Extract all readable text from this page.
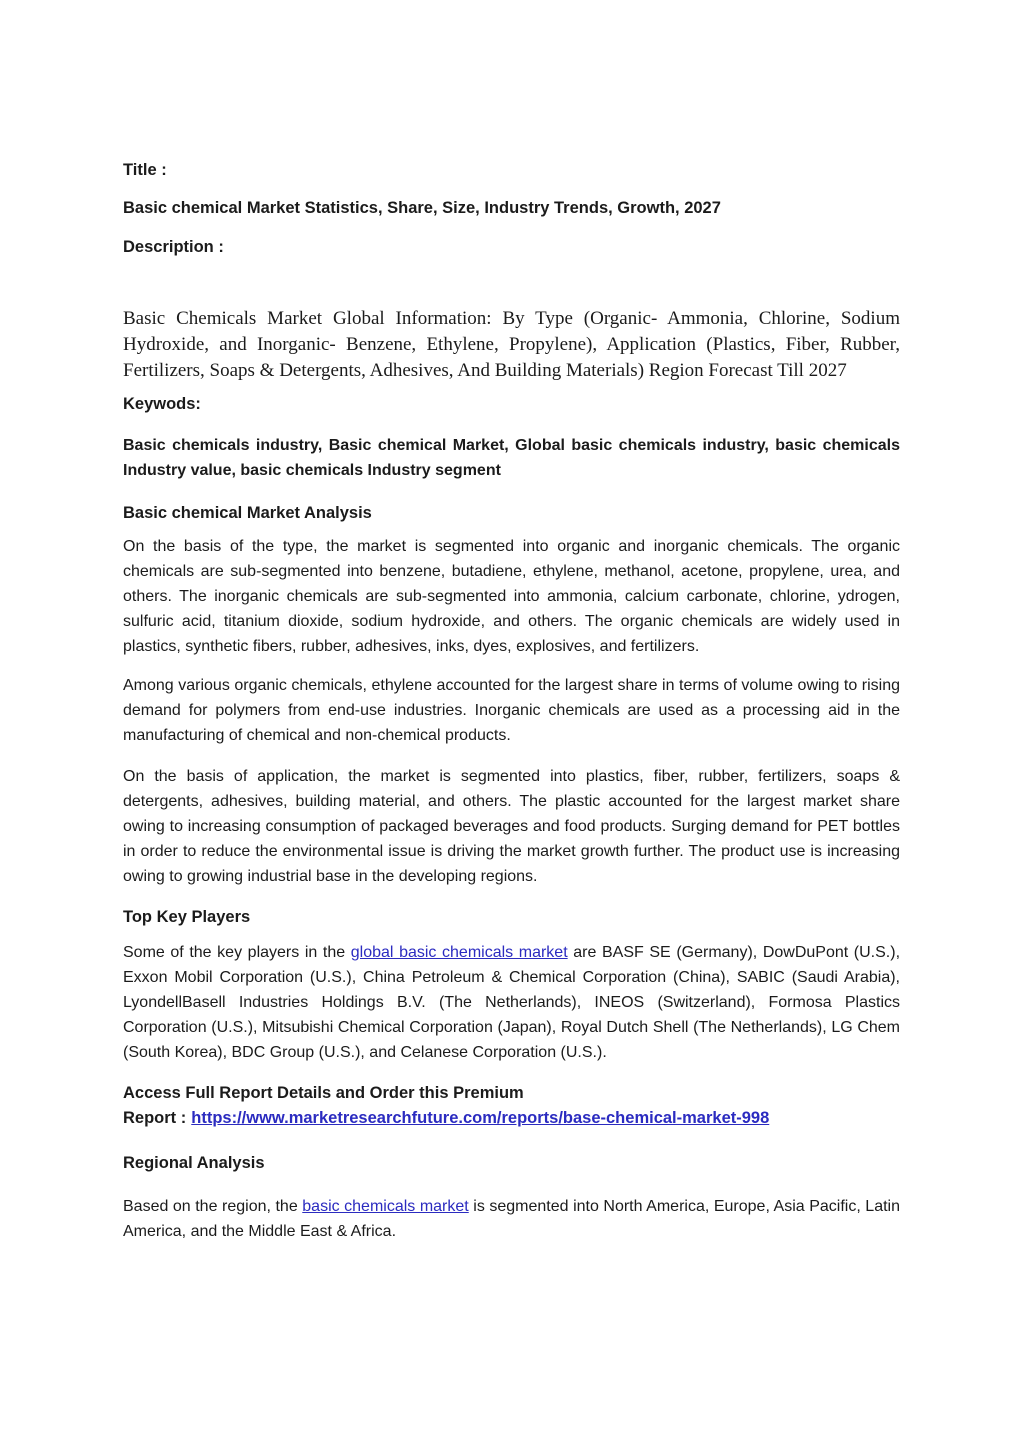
Title :

Basic chemical Market Statistics, Share, Size, Industry Trends, Growth, 2027

Description :

Basic Chemicals Market Global Information: By Type (Organic- Ammonia, Chlorine, Sodium Hydroxide, and Inorganic- Benzene, Ethylene, Propylene), Application (Plastics, Fiber, Rubber, Fertilizers, Soaps & Detergents, Adhesives, And Building Materials) Region Forecast Till 2027

Keywods:

Basic chemicals industry, Basic chemical Market, Global basic chemicals industry, basic chemicals Industry value, basic chemicals Industry segment

Basic chemical Market Analysis

On the basis of the type, the market is segmented into organic and inorganic chemicals. The organic chemicals are sub-segmented into benzene, butadiene, ethylene, methanol, acetone, propylene, urea, and others. The inorganic chemicals are sub-segmented into ammonia, calcium carbonate, chlorine, ydrogen, sulfuric acid, titanium dioxide, sodium hydroxide, and others. The organic chemicals are widely used in plastics, synthetic fibers, rubber, adhesives, inks, dyes, explosives, and fertilizers.

Among various organic chemicals, ethylene accounted for the largest share in terms of volume owing to rising demand for polymers from end-use industries. Inorganic chemicals are used as a processing aid in the manufacturing of chemical and non-chemical products.

On the basis of application, the market is segmented into plastics, fiber, rubber, fertilizers, soaps & detergents, adhesives, building material, and others. The plastic accounted for the largest market share owing to increasing consumption of packaged beverages and food products. Surging demand for PET bottles in order to reduce the environmental issue is driving the market growth further. The product use is increasing owing to growing industrial base in the developing regions.

Top Key Players

Some of the key players in the global basic chemicals market are BASF SE (Germany), DowDuPont (U.S.), Exxon Mobil Corporation (U.S.), China Petroleum & Chemical Corporation (China), SABIC (Saudi Arabia), LyondellBasell Industries Holdings B.V. (The Netherlands), INEOS (Switzerland), Formosa Plastics Corporation (U.S.), Mitsubishi Chemical Corporation (Japan), Royal Dutch Shell (The Netherlands), LG Chem (South Korea), BDC Group (U.S.), and Celanese Corporation (U.S.).

Access Full Report Details and Order this Premium
Report : https://www.marketresearchfuture.com/reports/base-chemical-market-998

Regional Analysis

Based on the region, the basic chemicals market is segmented into North America, Europe, Asia Pacific, Latin America, and the Middle East & Africa.
